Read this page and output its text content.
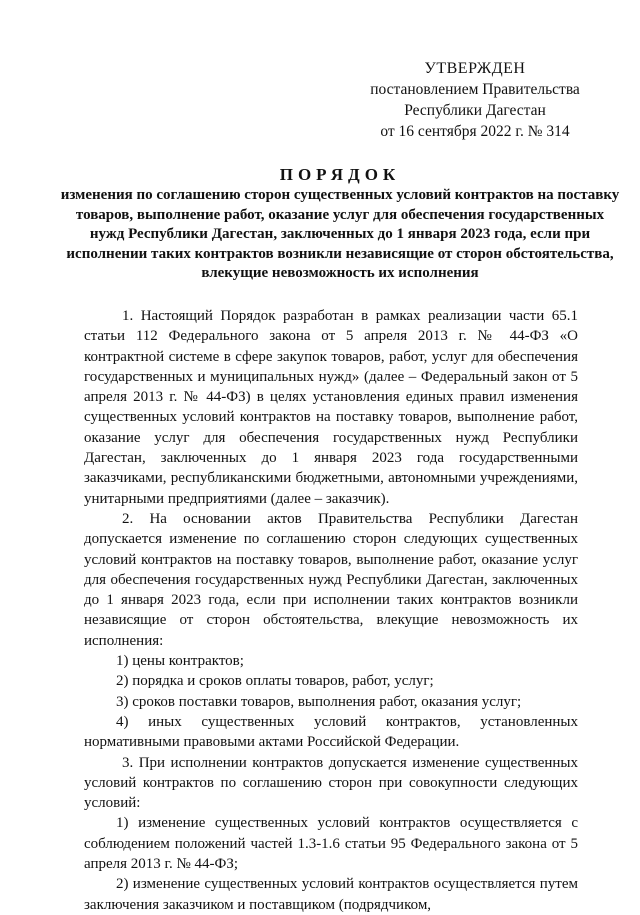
УТВЕРЖДЕН
постановлением Правительства
Республики Дагестан
от 16 сентября 2022 г. № 314
ПОРЯДОК
изменения по соглашению сторон существенных условий контрактов на поставку товаров, выполнение работ, оказание услуг для обеспечения государственных нужд Республики Дагестан, заключенных до 1 января 2023 года, если при исполнении таких контрактов возникли независящие от сторон обстоятельства, влекущие невозможность их исполнения

1. Настоящий Порядок разработан в рамках реализации части 65.1 статьи 112 Федерального закона от 5 апреля 2013 г. № 44-ФЗ «О контрактной системе в сфере закупок товаров, работ, услуг для обеспечения государственных и муниципальных нужд» (далее – Федеральный закон от 5 апреля 2013 г. № 44-ФЗ) в целях установления единых правил изменения существенных условий контрактов на поставку товаров, выполнение работ, оказание услуг для обеспечения государственных нужд Республики Дагестан, заключенных до 1 января 2023 года государственными заказчиками, республиканскими бюджетными, автономными учреждениями, унитарными предприятиями (далее – заказчик).

2. На основании актов Правительства Республики Дагестан допускается изменение по соглашению сторон следующих существенных условий контрактов на поставку товаров, выполнение работ, оказание услуг для обеспечения государственных нужд Республики Дагестан, заключенных до 1 января 2023 года, если при исполнении таких контрактов возникли независящие от сторон обстоятельства, влекущие невозможность их исполнения:

1) цены контрактов;

2) порядка и сроков оплаты товаров, работ, услуг;

3) сроков поставки товаров, выполнения работ, оказания услуг;

4) иных существенных условий контрактов, установленных нормативными правовыми актами Российской Федерации.

3. При исполнении контрактов допускается изменение существенных условий контрактов по соглашению сторон при совокупности следующих условий:

1) изменение существенных условий контрактов осуществляется с соблюдением положений частей 1.3-1.6 статьи 95 Федерального закона от 5 апреля 2013 г. № 44-ФЗ;

2) изменение существенных условий контрактов осуществляется путем заключения заказчиком и поставщиком (подрядчиком,
